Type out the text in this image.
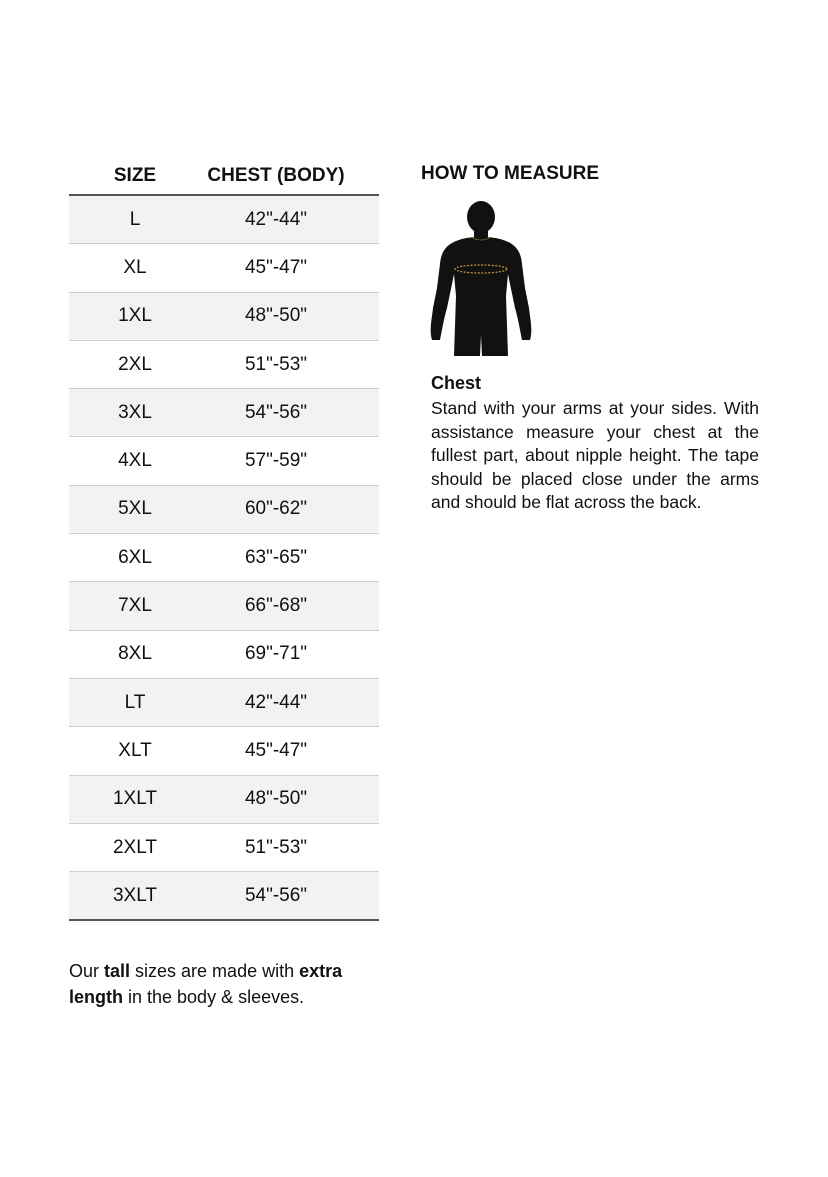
SIZE	CHEST (BODY)
L	42"-44"
XL	45"-47"
1XL	48"-50"
2XL	51"-53"
3XL	54"-56"
4XL	57"-59"
5XL	60"-62"
6XL	63"-65"
7XL	66"-68"
8XL	69"-71"
LT	42"-44"
XLT	45"-47"
1XLT	48"-50"
2XLT	51"-53"
3XLT	54"-56"
Our tall sizes are made with extra length in the body & sleeves.
HOW TO MEASURE
Chest
Stand with your arms at your sides. With assistance measure your chest at the fullest part, about nipple height. The tape should be placed close under the arms and should be flat across the back.
